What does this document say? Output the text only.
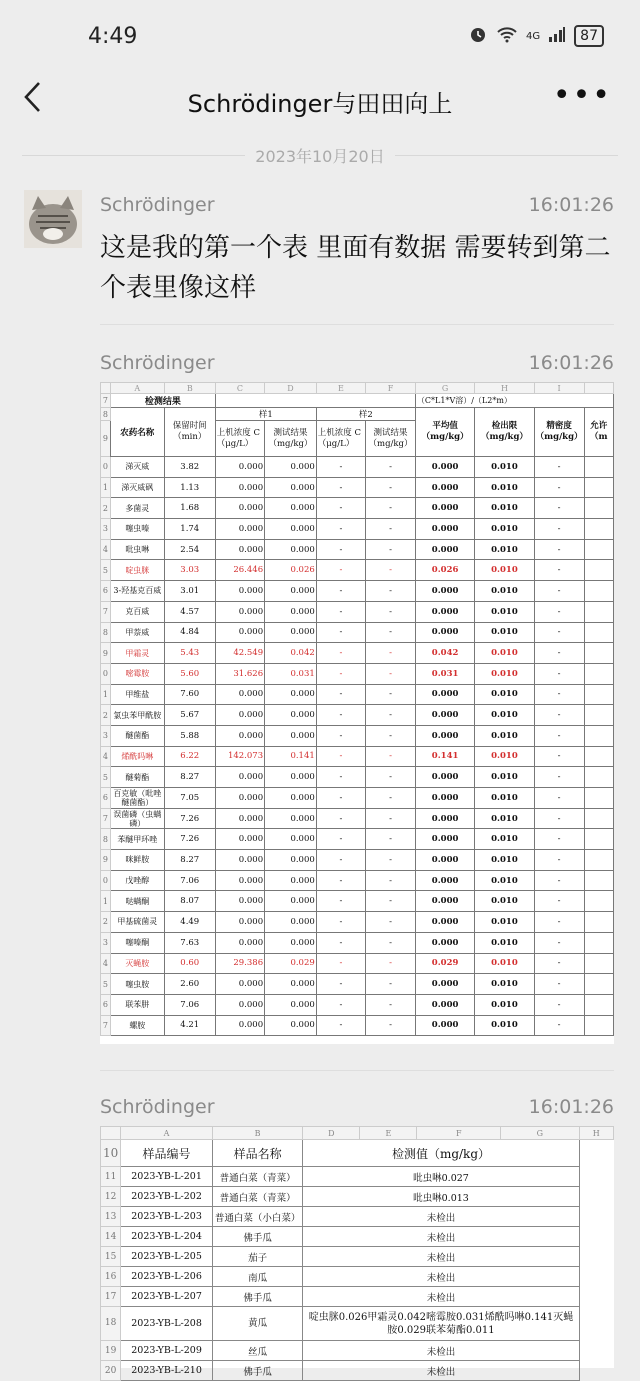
4:49	4G	87
Schrödinger与田田向上	•••
2023年10月20日
Schrödinger	16:01:26
这是我的第一个表 里面有数据 需要转到第二个表里像这样
Schrödinger	16:01:26
	A	B	C	D	E	F	G	H	I	
7	检测结果						（C*L1*V溶）/（L2*m）			
8	农药名称	保留时间（min）	样1		样2		平均值（mg/kg）	检出限（mg/kg）	精密度（mg/kg）	允许（m
9			上机浓度 C（μg/L）	测试结果（mg/kg）	上机浓度 C（μg/L）	测试结果（mg/kg）				
0	涕灭威	3.82	0.000	0.000	-	-	0.000	0.010	-	
1	涕灭威砜	1.13	0.000	0.000	-	-	0.000	0.010	-	
2	多菌灵	1.68	0.000	0.000	-	-	0.000	0.010	-	
3	噻虫嗪	1.74	0.000	0.000	-	-	0.000	0.010	-	
4	吡虫啉	2.54	0.000	0.000	-	-	0.000	0.010	-	
5	啶虫脒	3.03	26.446	0.026	-	-	0.026	0.010	-	
6	3-羟基克百威	3.01	0.000	0.000	-	-	0.000	0.010	-	
7	克百威	4.57	0.000	0.000	-	-	0.000	0.010	-	
8	甲萘威	4.84	0.000	0.000	-	-	0.000	0.010	-	
9	甲霜灵	5.43	42.549	0.042	-	-	0.042	0.010	-	
0	嘧霉胺	5.60	31.626	0.031	-	-	0.031	0.010	-	
1	甲维盐	7.60	0.000	0.000	-	-	0.000	0.010	-	
2	氯虫苯甲酰胺	5.67	0.000	0.000	-	-	0.000	0.010	-	
3	醚菌酯	5.88	0.000	0.000	-	-	0.000	0.010	-	
4	烯酰吗啉	6.22	142.073	0.141	-	-	0.141	0.010	-	
5	醚菊酯	8.27	0.000	0.000	-	-	0.000	0.010	-	
6	百克敏（吡唑醚菌酯）	7.05	0.000	0.000	-	-	0.000	0.010	-	
7	误菌磷（虫螨磷）	7.26	0.000	0.000	-	-	0.000	0.010	-	
8	苯醚甲环唑	7.26	0.000	0.000	-	-	0.000	0.010	-	
9	咪鲜胺	8.27	0.000	0.000	-	-	0.000	0.010	-	
0	戊唑醇	7.06	0.000	0.000	-	-	0.000	0.010	-	
1	哒螨酮	8.07	0.000	0.000	-	-	0.000	0.010	-	
2	甲基硫菌灵	4.49	0.000	0.000	-	-	0.000	0.010	-	
3	噻嗪酮	7.63	0.000	0.000	-	-	0.000	0.010	-	
4	灭蝇胺	0.60	29.386	0.029	-	-	0.029	0.010	-	
5	噻虫胺	2.60	0.000	0.000	-	-	0.000	0.010	-	
6	联苯肼	7.06	0.000	0.000	-	-	0.000	0.010	-	
7	螺胺	4.21	0.000	0.000	-	-	0.000	0.010	-	
Schrödinger	16:01:26
	A	B	D	E	F	G	H
10	样品编号	样品名称	检测值（mg/kg）				
11	2023-YB-L-201	普通白菜（青菜）	吡虫啉0.027				
12	2023-YB-L-202	普通白菜（青菜）	吡虫啉0.013				
13	2023-YB-L-203	普通白菜（小白菜）	未检出				
14	2023-YB-L-204	佛手瓜	未检出				
15	2023-YB-L-205	茄子	未检出				
16	2023-YB-L-206	南瓜	未检出				
17	2023-YB-L-207	佛手瓜	未检出				
18	2023-YB-L-208	黄瓜	啶虫脒0.026甲霜灵0.042嘧霉胺0.031烯酰吗啉0.141灭蝇胺0.029联苯菊酯0.011				
19	2023-YB-L-209	丝瓜	未检出				
20	2023-YB-L-210	佛手瓜	未检出				
